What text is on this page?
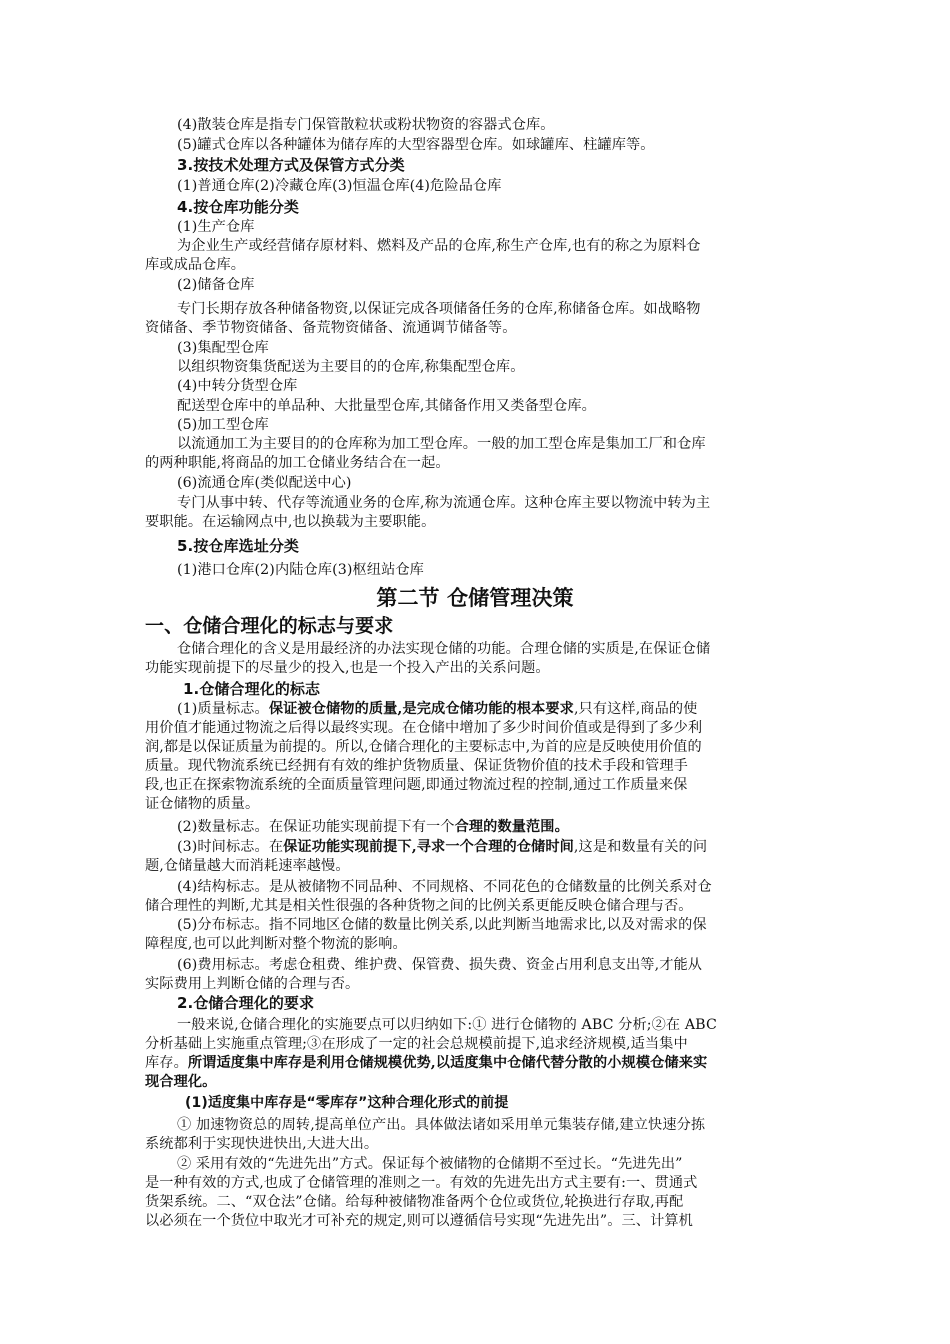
(4)散装仓库是指专门保管散粒状或粉状物资的容器式仓库。
(5)罐式仓库以各种罐体为储存库的大型容器型仓库。如球罐库、柱罐库等。
3.按技术处理方式及保管方式分类
(1)普通仓库(2)冷藏仓库(3)恒温仓库(4)危险品仓库
4.按仓库功能分类
(1)生产仓库
为企业生产或经营储存原材料、燃料及产品的仓库,称生产仓库,也有的称之为原料仓
库或成品仓库。
(2)储备仓库
专门长期存放各种储备物资,以保证完成各项储备任务的仓库,称储备仓库。如战略物
资储备、季节物资储备、备荒物资储备、流通调节储备等。
(3)集配型仓库
以组织物资集货配送为主要目的的仓库,称集配型仓库。
(4)中转分货型仓库
配送型仓库中的单品种、大批量型仓库,其储备作用又类备型仓库。
(5)加工型仓库
以流通加工为主要目的的仓库称为加工型仓库。一般的加工型仓库是集加工厂和仓库
的两种职能,将商品的加工仓储业务结合在一起。
(6)流通仓库(类似配送中心)
专门从事中转、代存等流通业务的仓库,称为流通仓库。这种仓库主要以物流中转为主
要职能。在运输网点中,也以换载为主要职能。
5.按仓库选址分类
(1)港口仓库(2)内陆仓库(3)枢纽站仓库
第二节 仓储管理决策
一、仓储合理化的标志与要求
仓储合理化的含义是用最经济的办法实现仓储的功能。合理仓储的实质是,在保证仓储
功能实现前提下的尽量少的投入,也是一个投入产出的关系问题。
1.仓储合理化的标志
(1)质量标志。保证被仓储物的质量,是完成仓储功能的根本要求,只有这样,商品的使
用价值才能通过物流之后得以最终实现。在仓储中增加了多少时间价值或是得到了多少利
润,都是以保证质量为前提的。所以,仓储合理化的主要标志中,为首的应是反映使用价值的
质量。现代物流系统已经拥有有效的维护货物质量、保证货物价值的技术手段和管理手
段,也正在探索物流系统的全面质量管理问题,即通过物流过程的控制,通过工作质量来保
证仓储物的质量。
(2)数量标志。在保证功能实现前提下有一个合理的数量范围。
(3)时间标志。在保证功能实现前提下,寻求一个合理的仓储时间,这是和数量有关的问
题,仓储量越大而消耗速率越慢。
(4)结构标志。是从被储物不同品种、不同规格、不同花色的仓储数量的比例关系对仓
储合理性的判断,尤其是相关性很强的各种货物之间的比例关系更能反映仓储合理与否。
(5)分布标志。指不同地区仓储的数量比例关系,以此判断当地需求比,以及对需求的保
障程度,也可以此判断对整个物流的影响。
(6)费用标志。考虑仓租费、维护费、保管费、损失费、资金占用利息支出等,才能从
实际费用上判断仓储的合理与否。
2.仓储合理化的要求
一般来说,仓储合理化的实施要点可以归纳如下:① 进行仓储物的 ABC 分析;②在 ABC
分析基础上实施重点管理;③在形成了一定的社会总规模前提下,追求经济规模,适当集中
库存。所谓适度集中库存是利用仓储规模优势,以适度集中仓储代替分散的小规模仓储来实
现合理化。
(1)适度集中库存是“零库存”这种合理化形式的前提
① 加速物资总的周转,提高单位产出。具体做法诸如采用单元集装存储,建立快速分拣
系统都利于实现快进快出,大进大出。
② 采用有效的“先进先出”方式。保证每个被储物的仓储期不至过长。“先进先出”
是一种有效的方式,也成了仓储管理的准则之一。有效的先进先出方式主要有:一、贯通式
货架系统。二、“双仓法”仓储。给每种被储物准备两个仓位或货位,轮换进行存取,再配
以必须在一个货位中取光才可补充的规定,则可以遵循信号实现“先进先出”。三、计算机
